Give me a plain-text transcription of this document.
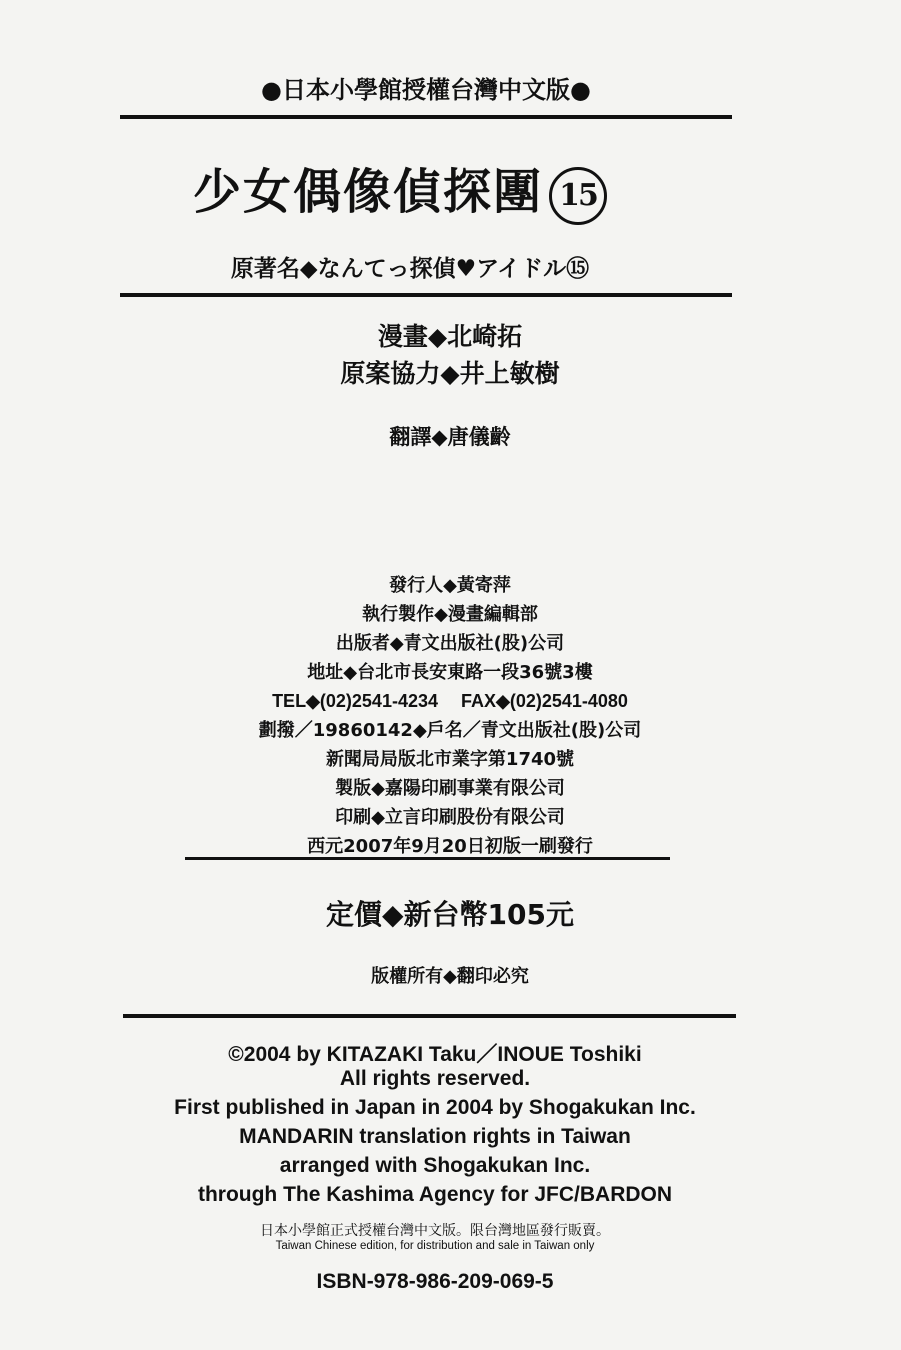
●日本小學館授權台灣中文版●
少女偶像偵探團 15
原著名◆なんてっ探偵♥アイドル⑮
漫畫◆北崎拓
原案協力◆井上敏樹
翻譯◆唐儀齡
發行人◆黃寄萍
執行製作◆漫畫編輯部
出版者◆青文出版社(股)公司
地址◆台北市長安東路一段36號3樓
TEL◆(02)2541-4234　 FAX◆(02)2541-4080
劃撥／19860142◆戶名／青文出版社(股)公司
新聞局局版北市業字第1740號
製版◆嘉陽印刷事業有限公司
印刷◆立言印刷股份有限公司
西元2007年9月20日初版一刷發行
定價◆新台幣105元
版權所有◆翻印必究
©2004 by KITAZAKI Taku／INOUE Toshiki
All rights reserved.
First published in Japan in 2004 by Shogakukan Inc.
MANDARIN translation rights in Taiwan
arranged with Shogakukan Inc.
through The Kashima Agency for JFC/BARDON
日本小學館正式授權台灣中文版。限台灣地區發行販賣。
Taiwan Chinese edition, for distribution and sale in Taiwan only
ISBN-978-986-209-069-5
